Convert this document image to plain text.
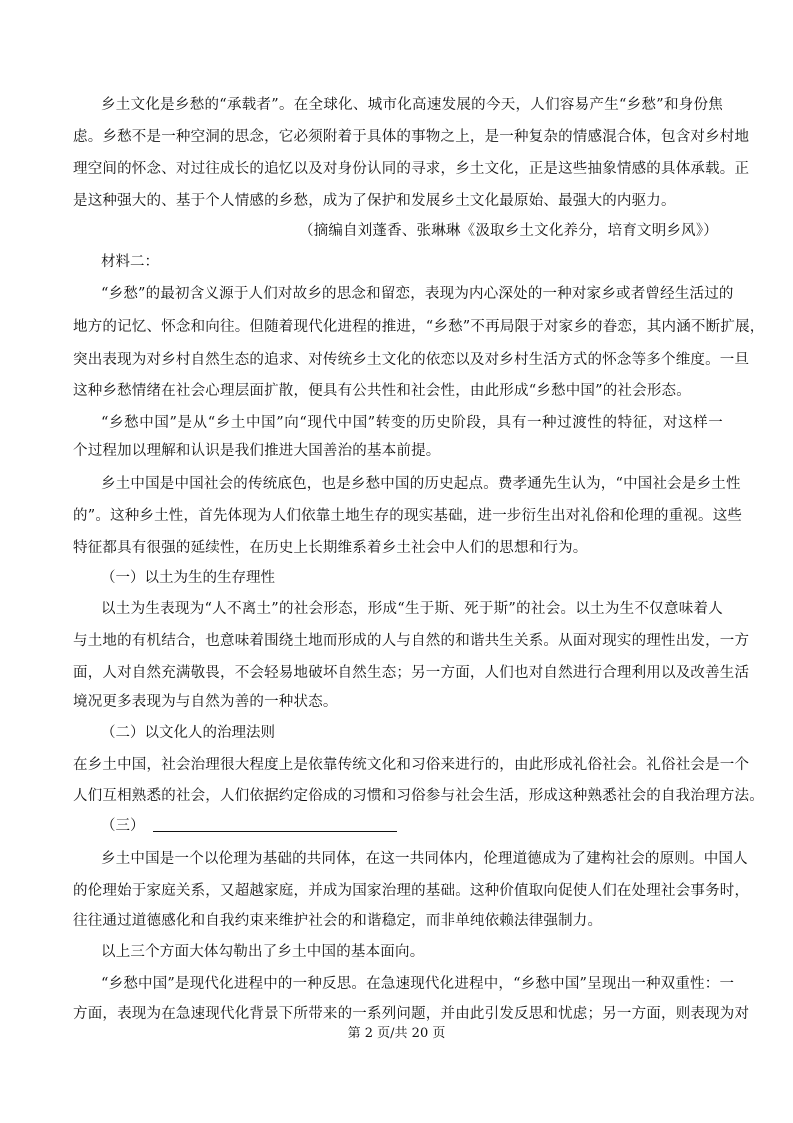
乡土文化是乡愁的“承载者”。在全球化、城市化高速发展的今天，人们容易产生“乡愁”和身份焦
虑。乡愁不是一种空洞的思念，它必须附着于具体的事物之上，是一种复杂的情感混合体，包含对乡村地
理空间的怀念、对过往成长的追忆以及对身份认同的寻求，乡土文化，正是这些抽象情感的具体承载。正
是这种强大的、基于个人情感的乡愁，成为了保护和发展乡土文化最原始、最强大的内驱力。
（摘编自刘蓬香、张琳琳《汲取乡土文化养分，培育文明乡风》）
材料二：
“乡愁”的最初含义源于人们对故乡的思念和留恋，表现为内心深处的一种对家乡或者曾经生活过的
地方的记忆、怀念和向往。但随着现代化进程的推进，“乡愁”不再局限于对家乡的眷恋，其内涵不断扩展，
突出表现为对乡村自然生态的追求、对传统乡土文化的依恋以及对乡村生活方式的怀念等多个维度。一旦
这种乡愁情绪在社会心理层面扩散，便具有公共性和社会性，由此形成“乡愁中国”的社会形态。
“乡愁中国”是从“乡土中国”向“现代中国”转变的历史阶段，具有一种过渡性的特征，对这样一
个过程加以理解和认识是我们推进大国善治的基本前提。
乡土中国是中国社会的传统底色，也是乡愁中国的历史起点。费孝通先生认为，“中国社会是乡土性
的”。这种乡土性，首先体现为人们依靠土地生存的现实基础，进一步衍生出对礼俗和伦理的重视。这些
特征都具有很强的延续性，在历史上长期维系着乡土社会中人们的思想和行为。
（一）以土为生的生存理性
以土为生表现为“人不离土”的社会形态，形成“生于斯、死于斯”的社会。以土为生不仅意味着人
与土地的有机结合，也意味着围绕土地而形成的人与自然的和谐共生关系。从面对现实的理性出发，一方
面，人对自然充满敬畏，不会轻易地破坏自然生态；另一方面，人们也对自然进行合理利用以及改善生活
境况更多表现为与自然为善的一种状态。
（二）以文化人的治理法则
在乡土中国，社会治理很大程度上是依靠传统文化和习俗来进行的，由此形成礼俗社会。礼俗社会是一个
人们互相熟悉的社会，人们依据约定俗成的习惯和习俗参与社会生活，形成这种熟悉社会的自我治理方法。
（三）
乡土中国是一个以伦理为基础的共同体，在这一共同体内，伦理道德成为了建构社会的原则。中国人
的伦理始于家庭关系，又超越家庭，并成为国家治理的基础。这种价值取向促使人们在处理社会事务时，
往往通过道德感化和自我约束来维护社会的和谐稳定，而非单纯依赖法律强制力。
以上三个方面大体勾勒出了乡土中国的基本面向。
“乡愁中国”是现代化进程中的一种反思。在急速现代化进程中，“乡愁中国”呈现出一种双重性：一
方面，表现为在急速现代化背景下所带来的一系列问题，并由此引发反思和忧虑；另一方面，则表现为对
第 2 页/共 20 页
